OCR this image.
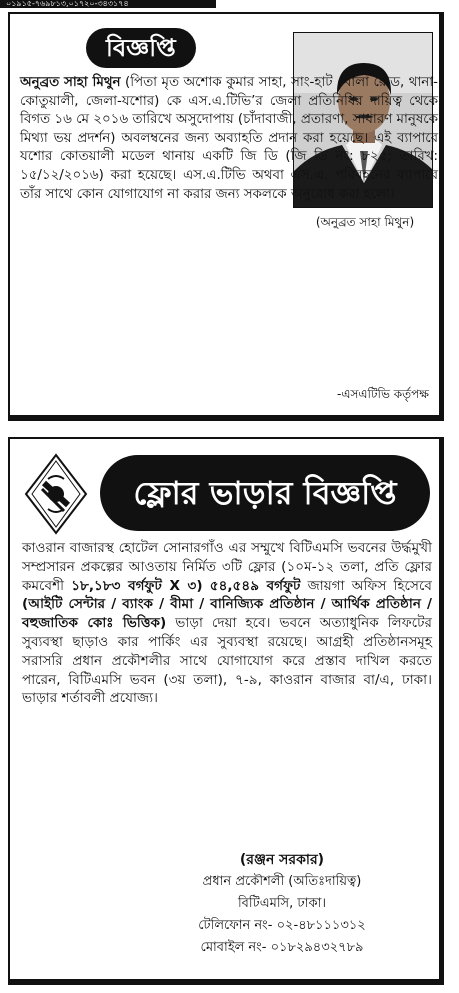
০১৯১৫-৭৬৯৮১৩,০১৭২০-৩৪৩১৭৪
বিজ্ঞপ্তি
(অনুব্রত সাহা মিথুন)
অনুব্রত সাহা মিথুন (পিতা মৃত অশোক কুমার সাহা, সাং-হাট খোলা রোড, থানা-কোতুয়ালী, জেলা-যশোর) কে এস.এ.টিভি’র জেলা প্রতিনিধির দায়িত্ব থেকে বিগত ১৬ মে ২০১৬ তারিখে অসুদোপায় (চাঁদাবাজী, প্রতারণা, সাধারণ মানুষকে মিথ্যা ভয় প্রদর্শন) অবলম্বনের জন্য অব্যাহতি প্রদান করা হয়েছে। এই ব্যাপারে যশোর কোতয়ালী মডেল থানায় একটি জি ডি (জি ডি নং: ৮২৫; তারিখ: ১৫/১২/২০১৬) করা হয়েছে। এস.এ.টিভি অথবা এস.এ. পরিবহনের ব্যাপারে তাঁর সাথে কোন যোগাযোগ না করার জন্য সকলকে অনুরোধ করা হলো।
-এসএটিভি কর্তৃপক্ষ
ফ্লোর ভাড়ার বিজ্ঞপ্তি
কাওরান বাজারস্থ হোটেল সোনারগাঁও এর সম্মুখে বিটিএমসি ভবনের উর্দ্ধমুখী সম্প্রসারন প্রকল্পের আওতায় নির্মিত ৩টি ফ্লোর (১০ম-১২ তলা, প্রতি ফ্লোর কমবেশী ১৮,১৮৩ বর্গফুট X ৩) ৫৪,৫৪৯ বর্গফুট জায়গা অফিস হিসেবে (আইটি সেন্টার / ব্যাংক / বীমা / বানিজ্যিক প্রতিষ্ঠান / আর্থিক প্রতিষ্ঠান / বহুজাতিক কোঃ ভিত্তিক) ভাড়া দেয়া হবে। ভবনে অত্যাধুনিক লিফটের সুব্যবস্থা ছাড়াও কার পার্কিং এর সুব্যবস্থা রয়েছে। আগ্রহী প্রতিষ্ঠানসমূহ সরাসরি প্রধান প্রকৌশলীর সাথে যোগাযোগ করে প্রস্তাব দাখিল করতে পারেন, বিটিএমসি ভবন (৩য় তলা), ৭-৯, কাওরান বাজার বা/এ, ঢাকা। ভাড়ার শর্তাবলী প্রযোজ্য।
(রঞ্জন সরকার)
প্রধান প্রকৌশলী (অতিঃদায়িত্ব)
বিটিএমসি, ঢাকা।
টেলিফোন নং- ০২-৪৮১১১৩১২
মোবাইল নং- ০১৮২৯৪৩২৭৮৯
